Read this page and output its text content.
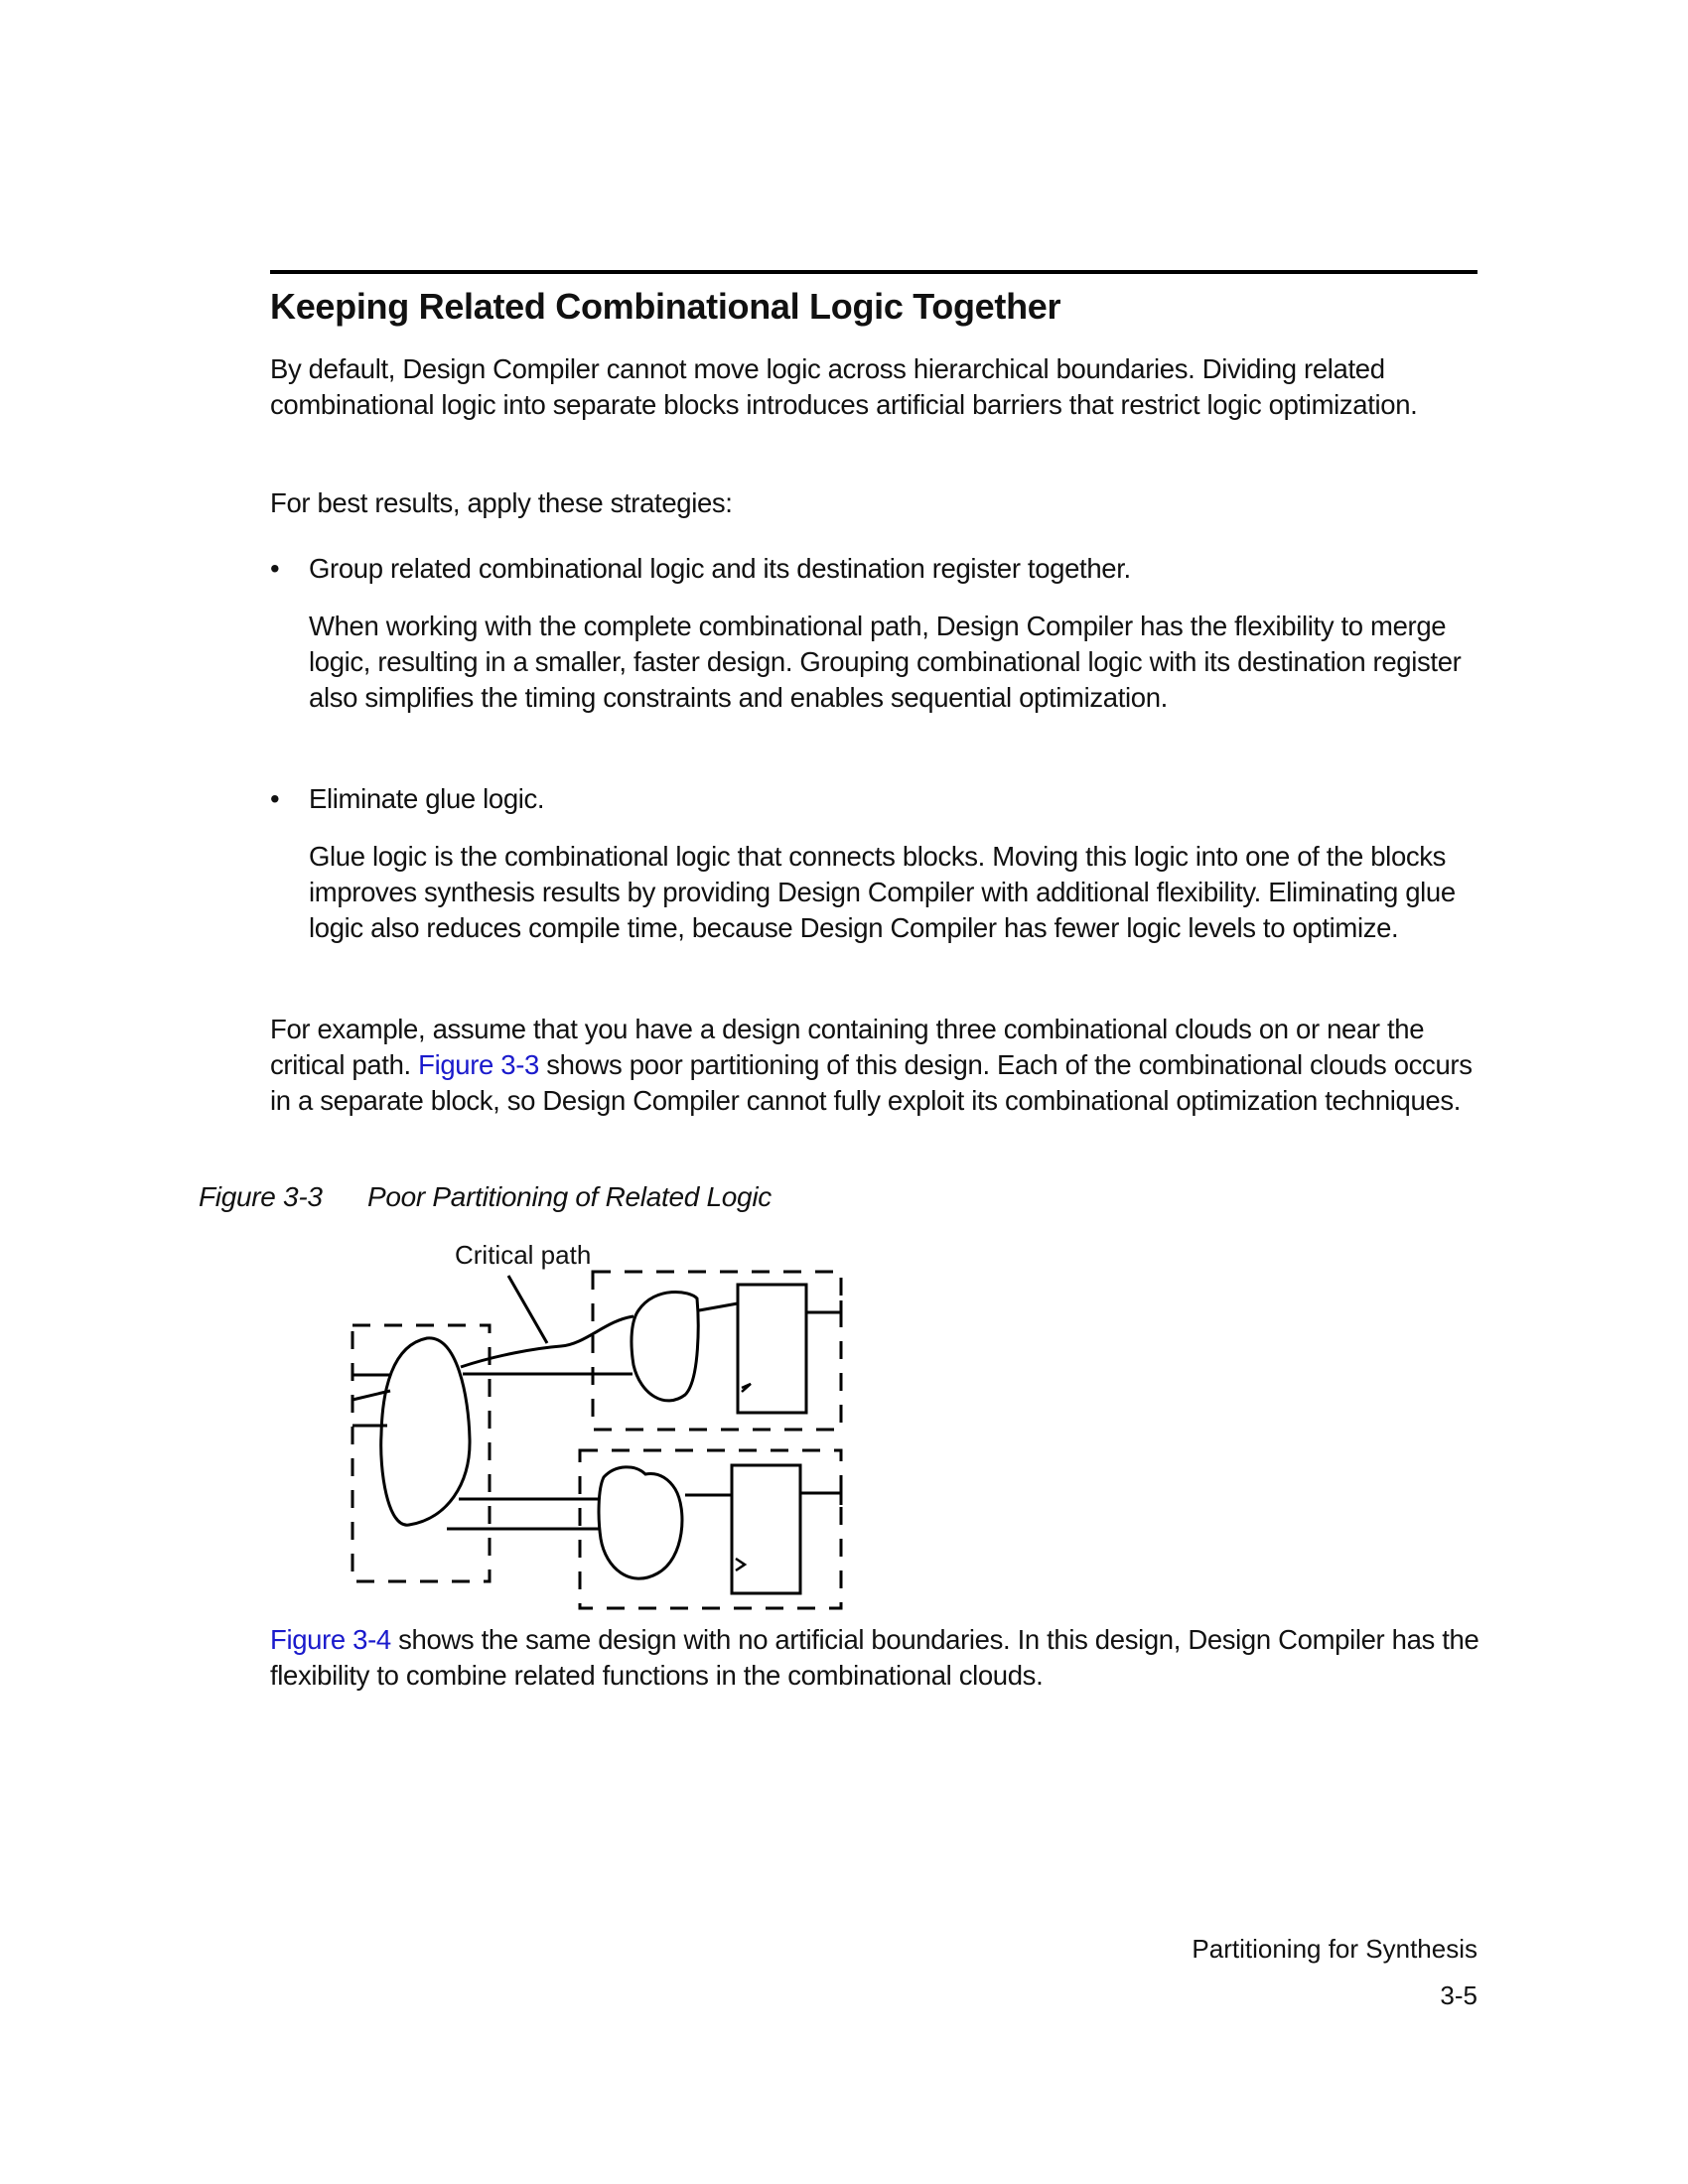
Keeping Related Combinational Logic Together
By default, Design Compiler cannot move logic across hierarchical boundaries. Dividing related combinational logic into separate blocks introduces artificial barriers that restrict logic optimization.
For best results, apply these strategies:
• Group related combinational logic and its destination register together.
When working with the complete combinational path, Design Compiler has the flexibility to merge logic, resulting in a smaller, faster design. Grouping combinational logic with its destination register also simplifies the timing constraints and enables sequential optimization.
• Eliminate glue logic.
Glue logic is the combinational logic that connects blocks. Moving this logic into one of the blocks improves synthesis results by providing Design Compiler with additional flexibility. Eliminating glue logic also reduces compile time, because Design Compiler has fewer logic levels to optimize.
For example, assume that you have a design containing three combinational clouds on or near the critical path. Figure 3-3 shows poor partitioning of this design. Each of the combinational clouds occurs in a separate block, so Design Compiler cannot fully exploit its combinational optimization techniques.
Figure 3-3 Poor Partitioning of Related Logic
Critical path
Figure 3-4 shows the same design with no artificial boundaries. In this design, Design Compiler has the flexibility to combine related functions in the combinational clouds.
Partitioning for Synthesis
3-5
